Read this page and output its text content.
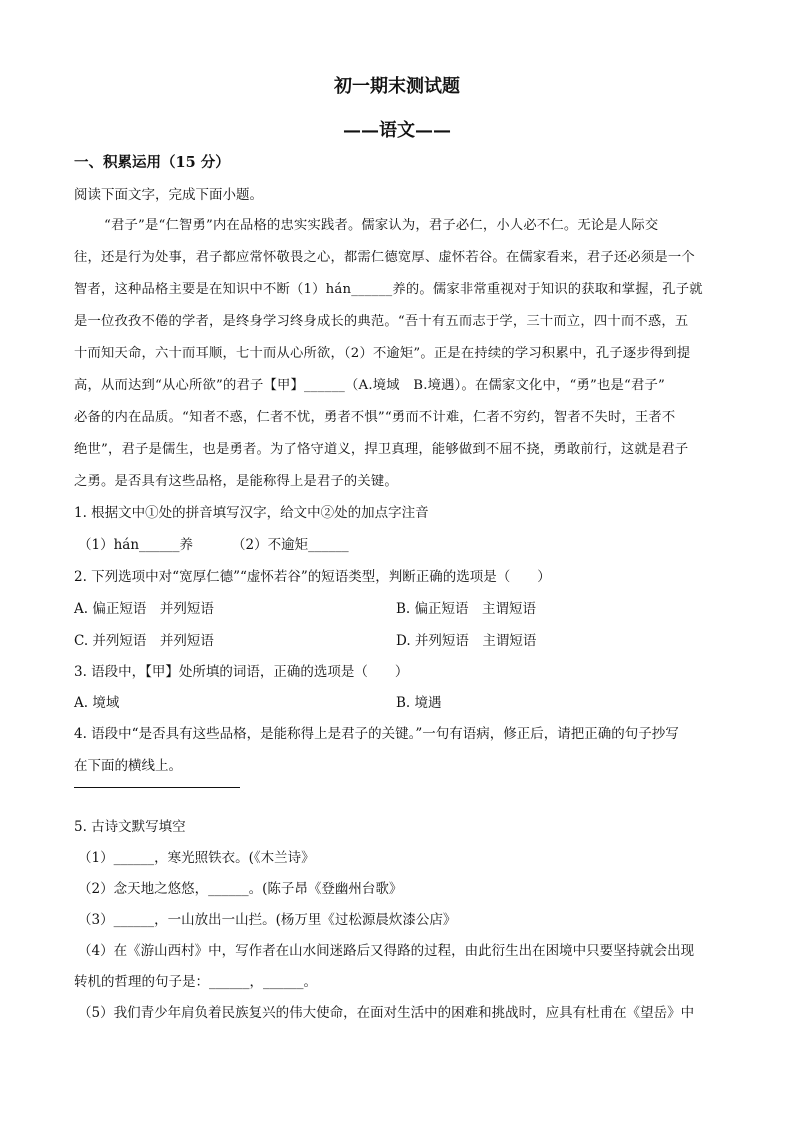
初一期末测试题
——语文——
一、积累运用（15 分）
阅读下面文字，完成下面小题。
“君子”是“仁智勇”内在品格的忠实实践者。儒家认为，君子必仁，小人必不仁。无论是人际交
往，还是行为处事，君子都应常怀敬畏之心，都需仁德宽厚、虚怀若谷。在儒家看来，君子还必须是一个
智者，这种品格主要是在知识中不断（1）hán______养的。儒家非常重视对于知识的获取和掌握，孔子就
是一位孜孜不倦的学者，是终身学习终身成长的典范。“吾十有五而志于学，三十而立，四十而不惑，五
十而知天命，六十而耳顺，七十而从心所欲，（2）不逾矩”。正是在持续的学习积累中，孔子逐步得到提
高，从而达到“从心所欲”的君子【甲】______（A.境域　B.境遇）。在儒家文化中，“勇”也是“君子”
必备的内在品质。“知者不惑，仁者不忧，勇者不惧”“勇而不计难，仁者不穷约，智者不失时，王者不
绝世”，君子是儒生，也是勇者。为了恪守道义，捍卫真理，能够做到不屈不挠，勇敢前行，这就是君子
之勇。是否具有这些品格，是能称得上是君子的关键。
1. 根据文中①处的拼音填写汉字，给文中②处的加点字注音
（1）hán______养	（2）不逾矩______
2. 下列选项中对“宽厚仁德”“虚怀若谷”的短语类型，判断正确的选项是（　　）
A. 偏正短语　并列短语	B. 偏正短语　主谓短语
C. 并列短语　并列短语	D. 并列短语　主谓短语
3. 语段中，【甲】处所填的词语，正确的选项是（　　）
A. 境域	B. 境遇
4. 语段中“是否具有这些品格，是能称得上是君子的关键。”一句有语病，修正后，请把正确的句子抄写
在下面的横线上。
5. 古诗文默写填空
（1）______，寒光照铁衣。(《木兰诗》
（2）念天地之悠悠，______。(陈子昂《登幽州台歌》
（3）______，一山放出一山拦。(杨万里《过松源晨炊漆公店》
（4）在《游山西村》中，写作者在山水间迷路后又得路的过程，由此衍生出在困境中只要坚持就会出现
转机的哲理的句子是：______，______。
（5）我们青少年肩负着民族复兴的伟大使命，在面对生活中的困难和挑战时，应具有杜甫在《望岳》中
